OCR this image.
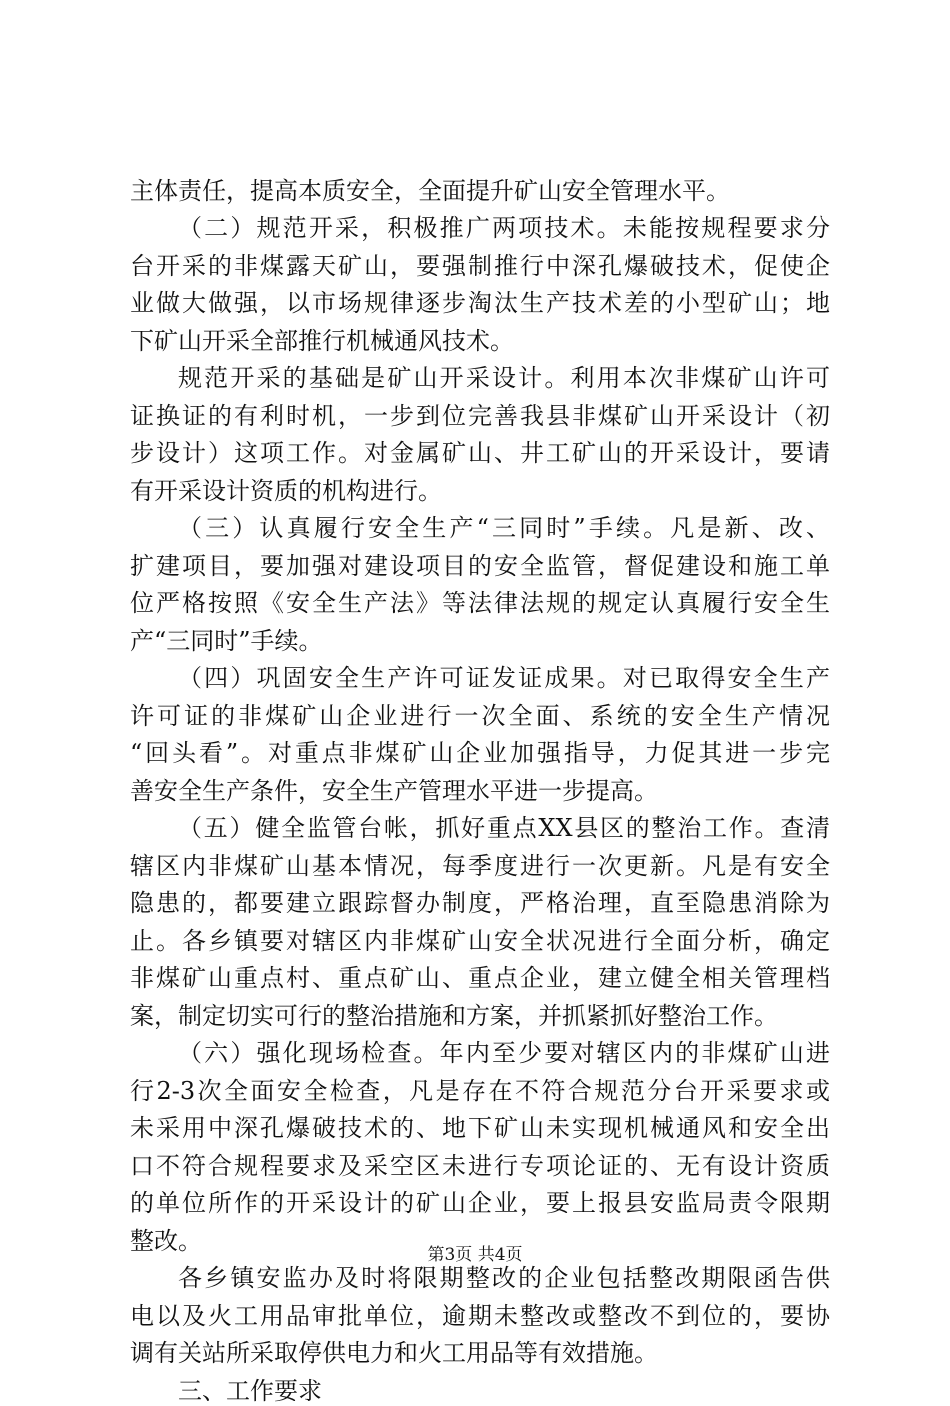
主体责任，提高本质安全，全面提升矿山安全管理水平。
（二）规范开采，积极推广两项技术。未能按规程要求分
台开采的非煤露天矿山，要强制推行中深孔爆破技术，促使企
业做大做强，以市场规律逐步淘汰生产技术差的小型矿山；地
下矿山开采全部推行机械通风技术。
规范开采的基础是矿山开采设计。利用本次非煤矿山许可
证换证的有利时机，一步到位完善我县非煤矿山开采设计（初
步设计）这项工作。对金属矿山、井工矿山的开采设计，要请
有开采设计资质的机构进行。
（三）认真履行安全生产“三同时”手续。凡是新、改、
扩建项目，要加强对建设项目的安全监管，督促建设和施工单
位严格按照《安全生产法》等法律法规的规定认真履行安全生
产“三同时”手续。
（四）巩固安全生产许可证发证成果。对已取得安全生产
许可证的非煤矿山企业进行一次全面、系统的安全生产情况
“回头看”。对重点非煤矿山企业加强指导，力促其进一步完
善安全生产条件，安全生产管理水平进一步提高。
（五）健全监管台帐，抓好重点XX县区的整治工作。查清
辖区内非煤矿山基本情况，每季度进行一次更新。凡是有安全
隐患的，都要建立跟踪督办制度，严格治理，直至隐患消除为
止。各乡镇要对辖区内非煤矿山安全状况进行全面分析，确定
非煤矿山重点村、重点矿山、重点企业，建立健全相关管理档
案，制定切实可行的整治措施和方案，并抓紧抓好整治工作。
（六）强化现场检查。年内至少要对辖区内的非煤矿山进
行2-3次全面安全检查，凡是存在不符合规范分台开采要求或
未采用中深孔爆破技术的、地下矿山未实现机械通风和安全出
口不符合规程要求及采空区未进行专项论证的、无有设计资质
的单位所作的开采设计的矿山企业，要上报县安监局责令限期
整改。
各乡镇安监办及时将限期整改的企业包括整改期限函告供
电以及火工用品审批单位，逾期未整改或整改不到位的，要协
调有关站所采取停供电力和火工用品等有效措施。
三、工作要求
第3页 共4页
